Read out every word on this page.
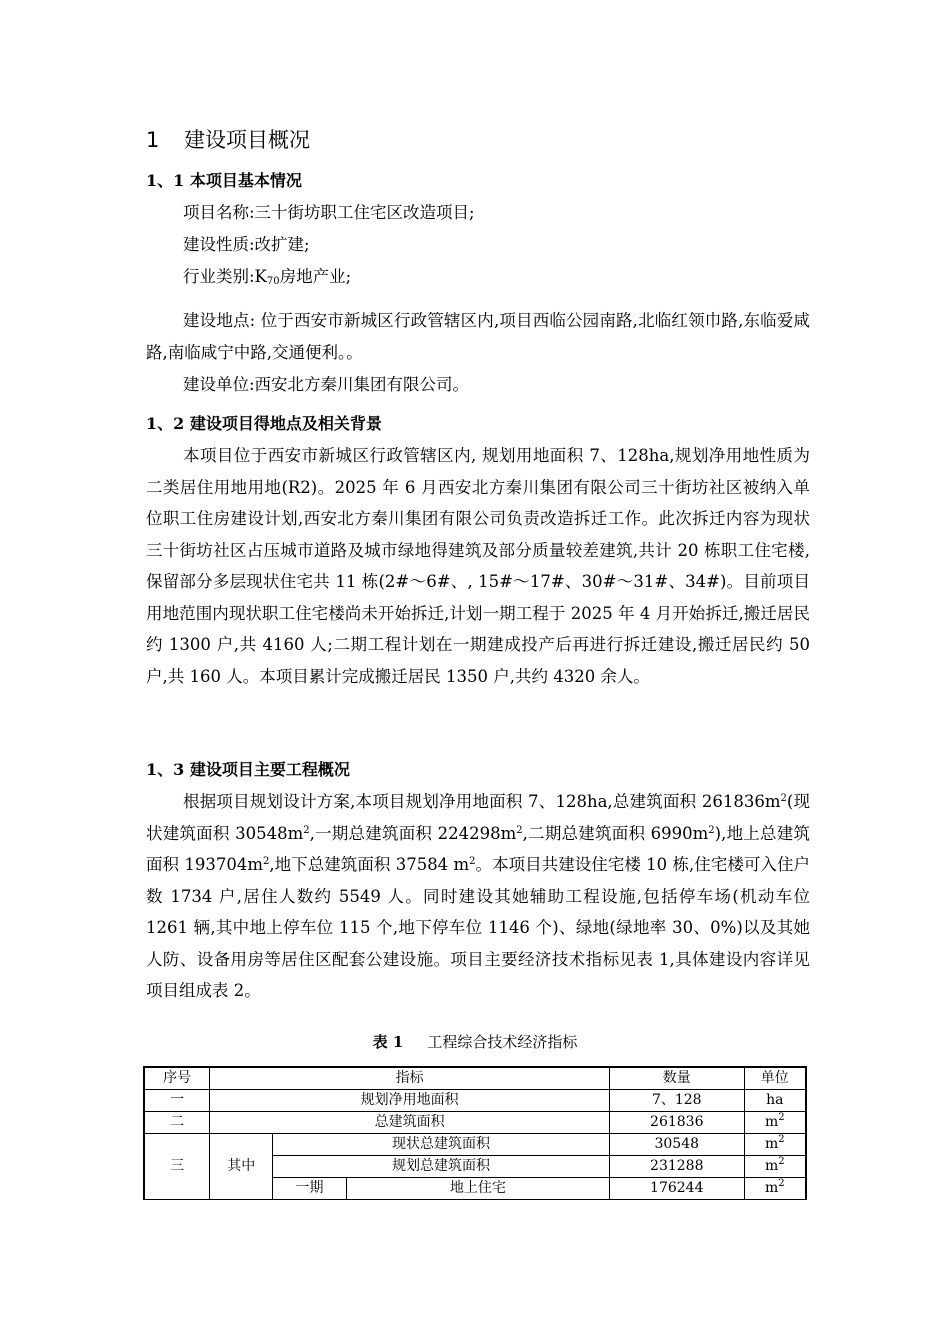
1 建设项目概况
1、1 本项目基本情况

项目名称:三十街坊职工住宅区改造项目;

建设性质:改扩建;

行业类别$:K_{70}$房地产业;

建设地点: 位于西安市新城区行政管辖区内,项目西临公园南路,北临红领巾路,东临爱咸路,南临咸宁中路,交通便利。。

建设单位:西安北方秦川集团有限公司。

1、2 建设项目得地点及相关背景

本项目位于西安市新城区行政管辖区内, 规划用地面积 7、128ha,规划净用地性质为二类居住用地用地(R2)。2025 年 6 月西安北方秦川集团有限公司三十街坊社区被纳入单位职工住房建设计划,西安北方秦川集团有限公司负责改造拆迁工作。此次拆迁内容为现状三十街坊社区占压城市道路及城市绿地得建筑及部分质量较差建筑,共计 20 栋职工住宅楼,保留部分多层现状住宅共 11 栋(2#～6#、, 15#～17#、30#～31#、34#)。目前项目用地范围内现状职工住宅楼尚未开始拆迁,计划一期工程于 2025 年 4 月开始拆迁,搬迁居民约 1300 户,共 4160 人;二期工程计划在一期建成投产后再进行拆迁建设,搬迁居民约 50 户,共 160 人。本项目累计完成搬迁居民 1350 户,共约 4320 余人。

1、3 建设项目主要工程概况

根据项目规划设计方案,本项目规划净用地面积 7、128ha,总建筑面积 $261836m^2$(现状建筑面积 $30548m^2$,一期总建筑面积 $224298m^2$,二期总建筑面积 $6990m^2$),地上总建筑面积 $193704m^2$,地下总建筑面积 37584 $m^2$。本项目共建设住宅楼 10 栋,住宅楼可入住户数 1734 户,居住人数约 5549 人。同时建设其她辅助工程设施,包括停车场(机动车位 1261 辆,其中地上停车位 115 个,地下停车位 1146 个)、绿地(绿地率 30、0%)以及其她人防、设备用房等居住区配套公建设施。项目主要经济技术指标见表 1,具体建设内容详见项目组成表 2。

表 1 工程综合技术经济指标
序号	指标			数量	单位
一	规划净用地面积			7、128	ha
二	总建筑面积			261836	$m^2$
三	其中	现状总建筑面积		30548	$m^2$
		规划总建筑面积		231288	$m^2$
		一期	地上住宅	176244	$m^2$
